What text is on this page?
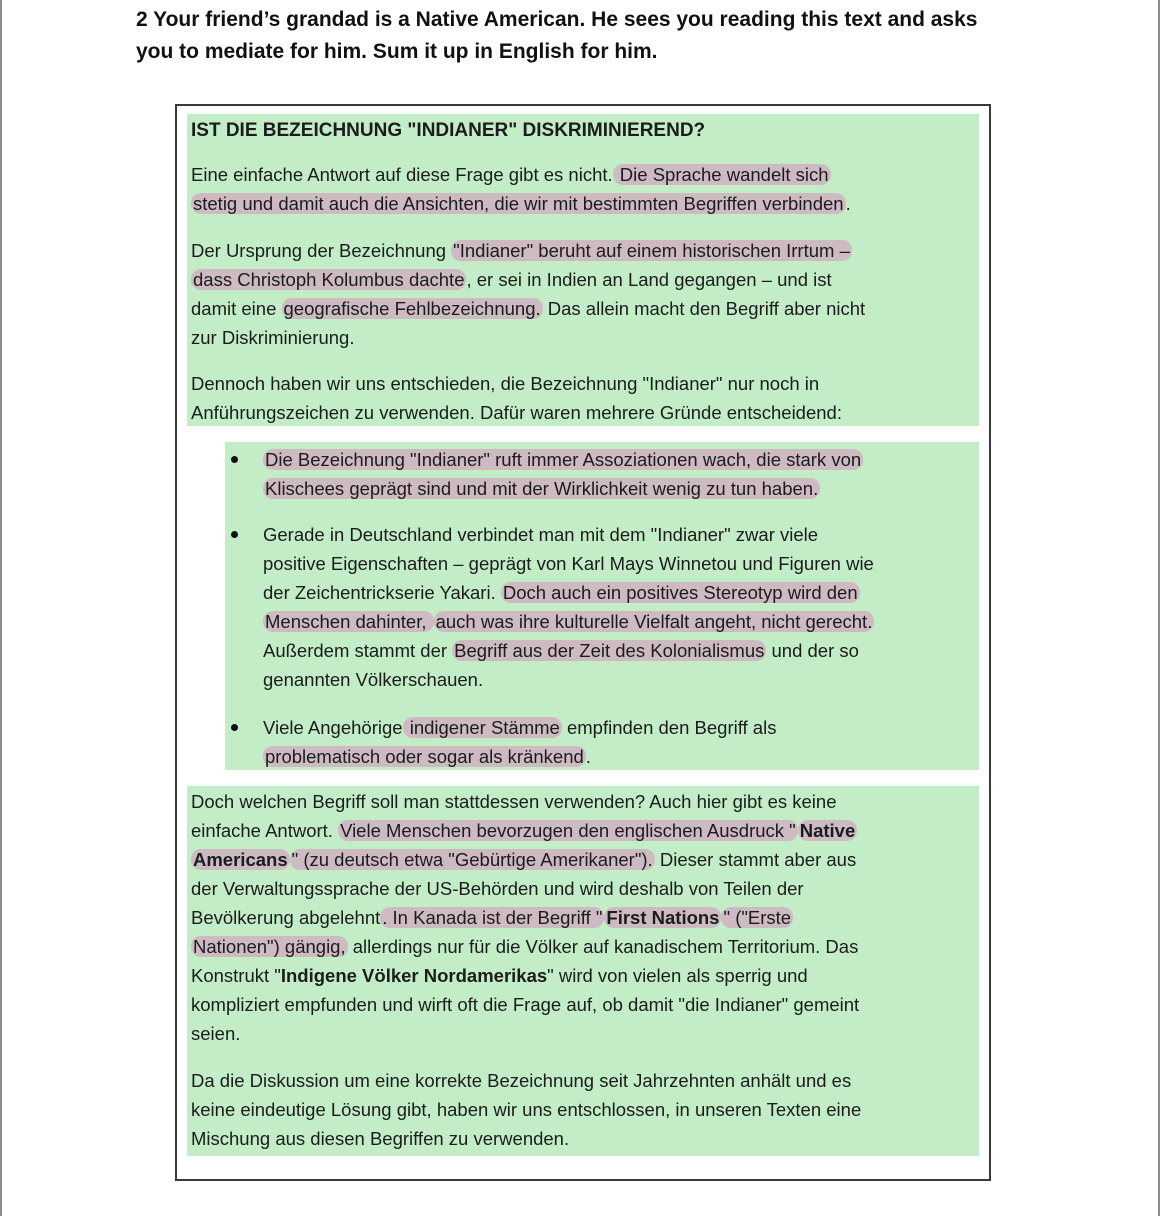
2 Your friend’s grandad is a Native American. He sees you reading this text and asks
you to mediate for him. Sum it up in English for him.
IST DIE BEZEICHNUNG "INDIANER" DISKRIMINIEREND?
Eine einfache Antwort auf diese Frage gibt es nicht. Die Sprache wandelt sich
stetig und damit auch die Ansichten, die wir mit bestimmten Begriffen verbinden .
Der Ursprung der Bezeichnung "Indianer" beruht auf einem historischen Irrtum –
dass Christoph Kolumbus dachte , er sei in Indien an Land gegangen – und ist
damit eine geografische Fehlbezeichnung. Das allein macht den Begriff aber nicht
zur Diskriminierung.
Dennoch haben wir uns entschieden, die Bezeichnung "Indianer" nur noch in
Anführungszeichen zu verwenden. Dafür waren mehrere Gründe entscheidend:
Die Bezeichnung "Indianer" ruft immer Assoziationen wach, die stark von
Klischees geprägt sind und mit der Wirklichkeit wenig zu tun haben.
Gerade in Deutschland verbindet man mit dem "Indianer" zwar viele
positive Eigenschaften – geprägt von Karl Mays Winnetou und Figuren wie
der Zeichentrickserie Yakari. Doch auch ein positives Stereotyp wird den
Menschen dahinter, auch was ihre kulturelle Vielfalt angeht, nicht gerecht.
Außerdem stammt der Begriff aus der Zeit des Kolonialismus und der so
genannten Völkerschauen.
Viele Angehörige indigener Stämme empfinden den Begriff als
problematisch oder sogar als kränkend .
Doch welchen Begriff soll man stattdessen verwenden? Auch hier gibt es keine
einfache Antwort. Viele Menschen bevorzugen den englischen Ausdruck " Native
Americans " (zu deutsch etwa "Gebürtige Amerikaner"). Dieser stammt aber aus
der Verwaltungssprache der US-Behörden und wird deshalb von Teilen der
Bevölkerung abgelehnt . In Kanada ist der Begriff " First Nations " ("Erste
Nationen") gängig, allerdings nur für die Völker auf kanadischem Territorium. Das
Konstrukt "Indigene Völker Nordamerikas" wird von vielen als sperrig und
kompliziert empfunden und wirft oft die Frage auf, ob damit "die Indianer" gemeint
seien.
Da die Diskussion um eine korrekte Bezeichnung seit Jahrzehnten anhält und es
keine eindeutige Lösung gibt, haben wir uns entschlossen, in unseren Texten eine
Mischung aus diesen Begriffen zu verwenden.
